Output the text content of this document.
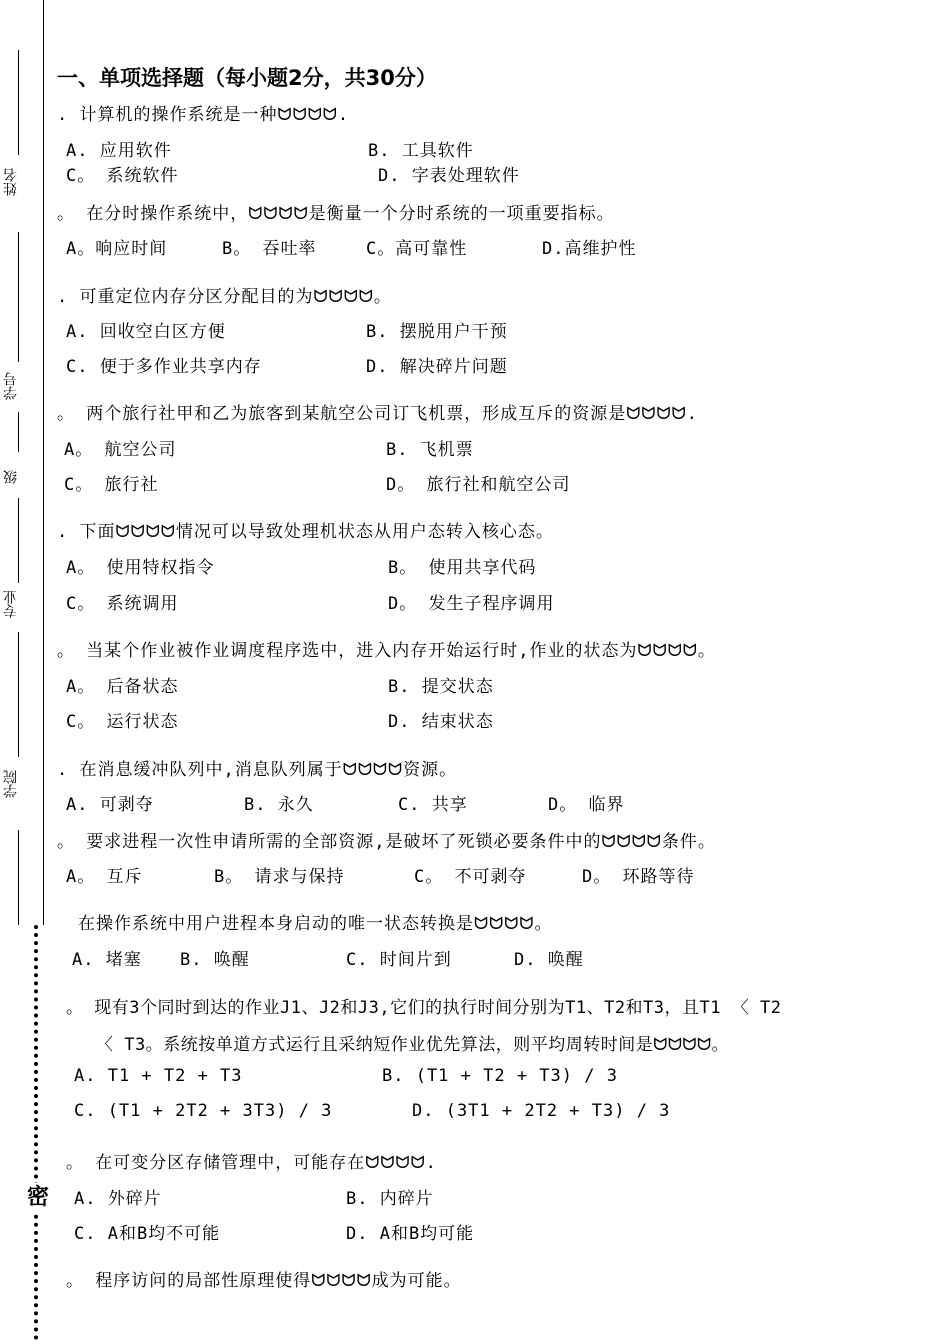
姓名
学号
级
专业
学院
密
一、单项选择题（每小题2分，共30分）
. 计算机的操作系统是一种ᗢᗢᗢᗢ.
A. 应用软件	B. 工具软件
C。 系统软件	D. 字表处理软件
。 在分时操作系统中，ᗢᗢᗢᗢ是衡量一个分时系统的一项重要指标。
A。响应时间	B。 吞吐率	C。高可靠性	D.高维护性
. 可重定位内存分区分配目的为ᗢᗢᗢᗢ。
A. 回收空白区方便	B. 摆脱用户干预
C. 便于多作业共享内存	D. 解决碎片问题
。 两个旅行社甲和乙为旅客到某航空公司订飞机票，形成互斥的资源是ᗢᗢᗢᗢ.
A。 航空公司	B. 飞机票
C。 旅行社	D。 旅行社和航空公司
. 下面ᗢᗢᗢᗢ情况可以导致处理机状态从用户态转入核心态。
A。 使用特权指令	B。 使用共享代码
C。 系统调用	D。 发生子程序调用
。 当某个作业被作业调度程序选中，进入内存开始运行时,作业的状态为ᗢᗢᗢᗢ。
A。 后备状态	B. 提交状态
C。 运行状态	D. 结束状态
. 在消息缓冲队列中,消息队列属于ᗢᗢᗢᗢ资源。
A. 可剥夺	B. 永久	C. 共享	D。 临界
。 要求进程一次性申请所需的全部资源,是破坏了死锁必要条件中的ᗢᗢᗢᗢ条件。
A。 互斥	B。 请求与保持	C。 不可剥夺	D。 环路等待
在操作系统中用户进程本身启动的唯一状态转换是ᗢᗢᗢᗢ。
A. 堵塞 B. 唤醒	C. 时间片到	D. 唤醒
。 现有3个同时到达的作业J1、J2和J3,它们的执行时间分别为T1、T2和T3，且T1 〈 T2
〈 T3。系统按单道方式运行且采纳短作业优先算法，则平均周转时间是ᗢᗢᗢᗢ。
A. T1 + T2 + T3	B. (T1 + T2 + T3) / 3
C. (T1 + 2T2 + 3T3) / 3	D. (3T1 + 2T2 + T3) / 3
。 在可变分区存储管理中，可能存在ᗢᗢᗢᗢ.
A. 外碎片	B. 内碎片
C. A和B均不可能	D. A和B均可能
。 程序访问的局部性原理使得ᗢᗢᗢᗢ成为可能。
